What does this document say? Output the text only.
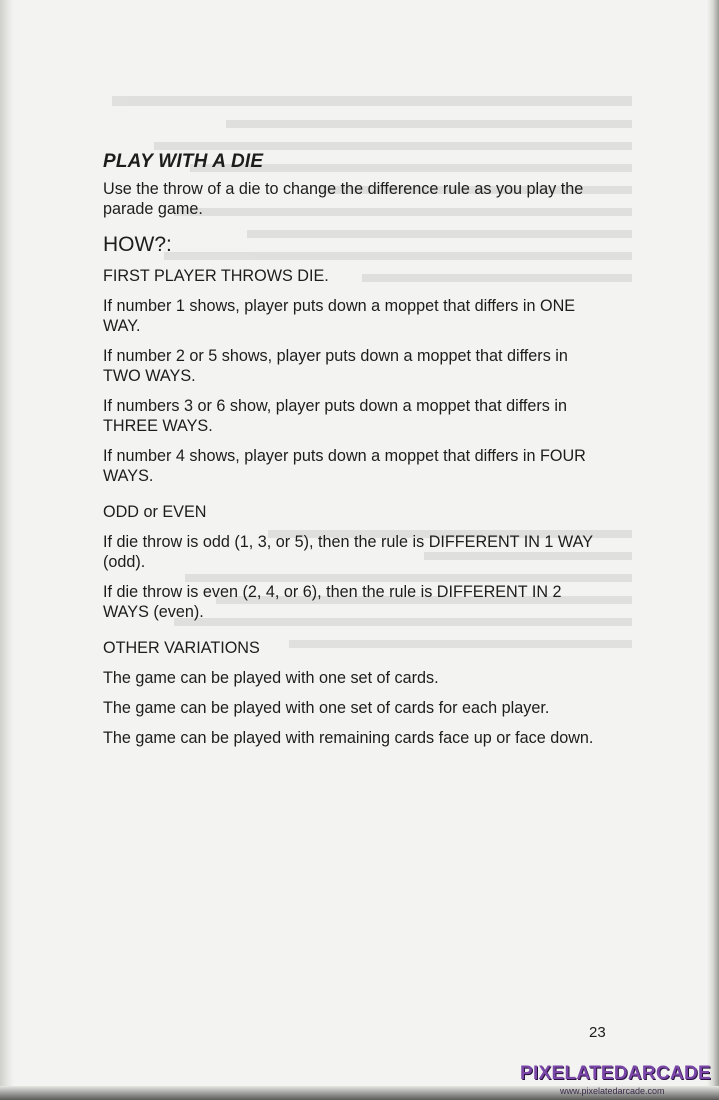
PLAY WITH A DIE
Use the throw of a die to change the difference rule as you play the parade game.
HOW?:
FIRST PLAYER THROWS DIE.
If number 1 shows, player puts down a moppet that differs in ONE WAY.
If number 2 or 5 shows, player puts down a moppet that differs in TWO WAYS.
If numbers 3 or 6 show, player puts down a moppet that differs in THREE WAYS.
If number 4 shows, player puts down a moppet that differs in FOUR WAYS.
ODD or EVEN
If die throw is odd (1, 3, or 5), then the rule is DIFFERENT IN 1 WAY (odd).
If die throw is even (2, 4, or 6), then the rule is DIFFERENT IN 2 WAYS (even).
OTHER VARIATIONS
The game can be played with one set of cards.
The game can be played with one set of cards for each player.
The game can be played with remaining cards face up or face down.
23
PIXELATEDARCADE
www.pixelatedarcade.com
